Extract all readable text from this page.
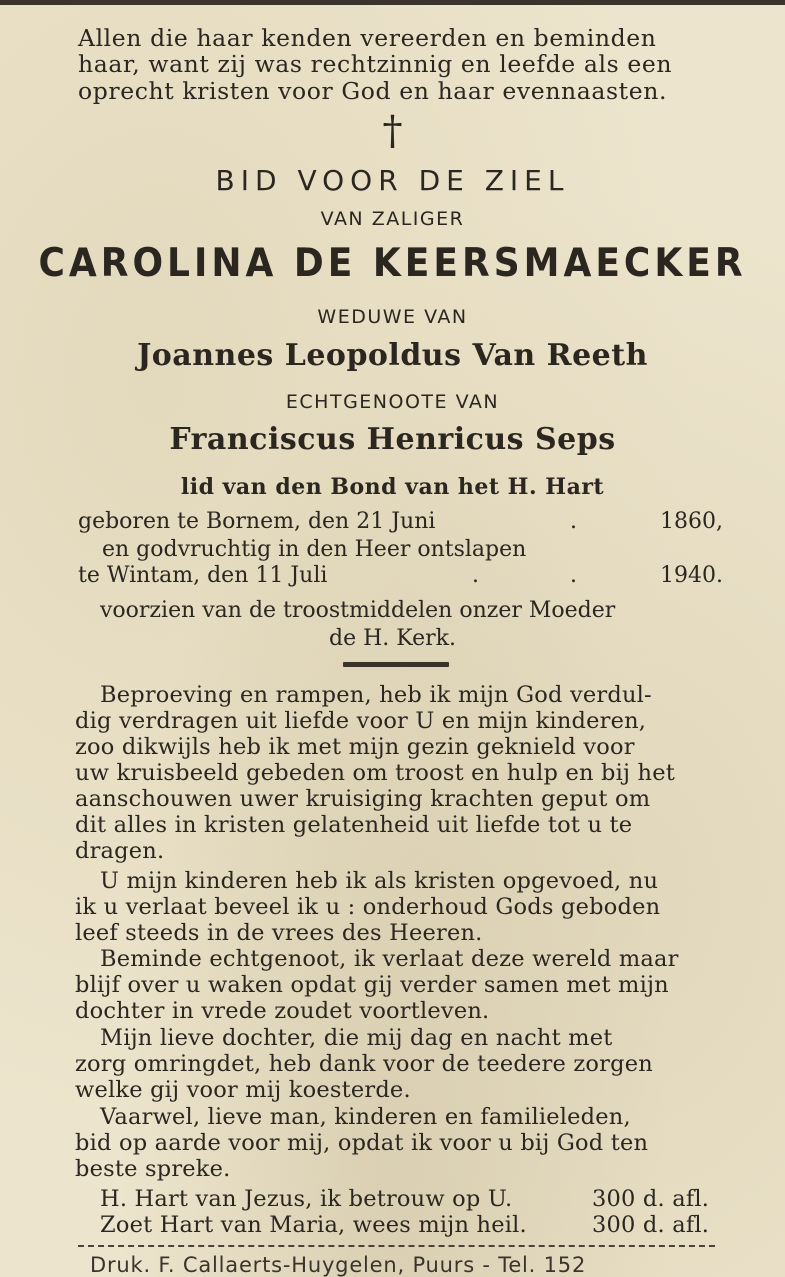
Allen die haar kenden vereerden en beminden
haar, want zij was rechtzinnig en leefde als een
oprecht kristen voor God en haar evennaasten.
†
BID VOOR DE ZIEL
VAN ZALIGER
CAROLINA DE KEERSMAECKER
WEDUWE VAN
Joannes Leopoldus Van Reeth
ECHTGENOOTE VAN
Franciscus Henricus Seps
lid van den Bond van het H. Hart
geboren te Bornem, den 21 Juni	.	1860,
en godvruchtig in den Heer ontslapen
te Wintam, den 11 Juli	.	.	1940.
voorzien van de troostmiddelen onzer Moeder
de H. Kerk.
Beproeving en rampen, heb ik mijn God verdul-
dig verdragen uit liefde voor U en mijn kinderen,
zoo dikwijls heb ik met mijn gezin geknield voor
uw kruisbeeld gebeden om troost en hulp en bij het
aanschouwen uwer kruisiging krachten geput om
dit alles in kristen gelatenheid uit liefde tot u te
dragen.
U mijn kinderen heb ik als kristen opgevoed, nu
ik u verlaat beveel ik u : onderhoud Gods geboden
leef steeds in de vrees des Heeren.
Beminde echtgenoot, ik verlaat deze wereld maar
blijf over u waken opdat gij verder samen met mijn
dochter in vrede zoudet voortleven.
Mijn lieve dochter, die mij dag en nacht met
zorg omringdet, heb dank voor de teedere zorgen
welke gij voor mij koesterde.
Vaarwel, lieve man, kinderen en familieleden,
bid op aarde voor mij, opdat ik voor u bij God ten
beste spreke.
H. Hart van Jezus, ik betrouw op U.	300 d. afl.
Zoet Hart van Maria, wees mijn heil.	300 d. afl.
Druk. F. Callaerts-Huygelen, Puurs - Tel. 152
